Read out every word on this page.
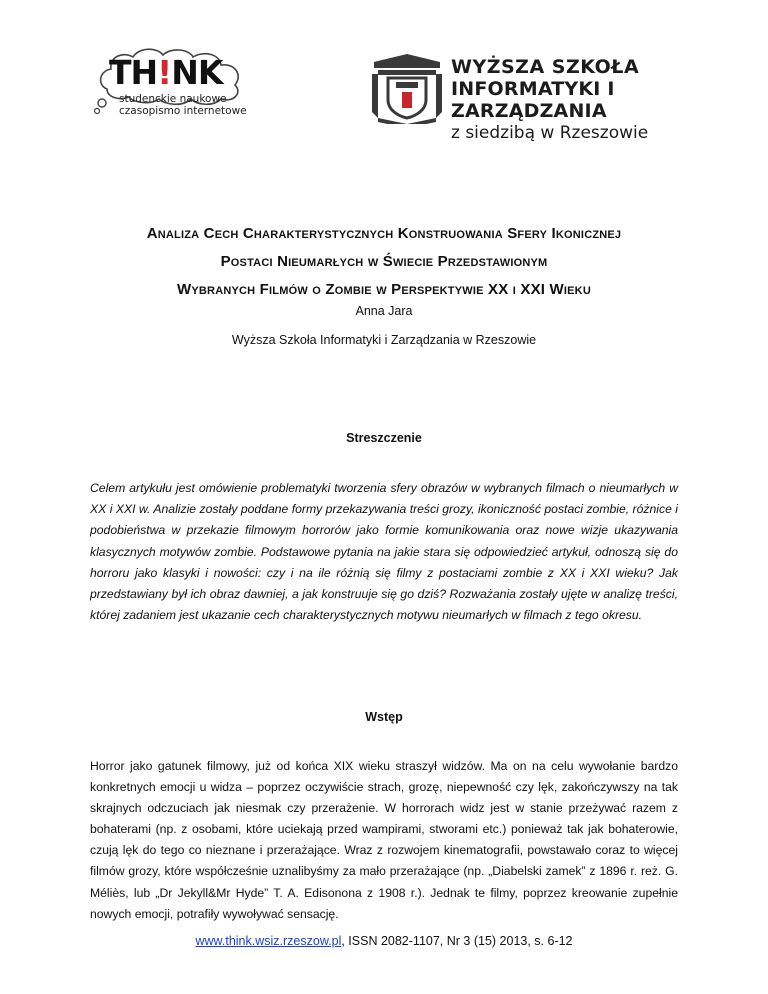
TH!NK
studenckie naukowe
czasopismo internetowe
WYŻSZA SZKOŁA
INFORMATYKI I ZARZĄDZANIA
z siedzibą w Rzeszowie
Analiza Cech Charakterystycznych Konstruowania Sfery Ikonicznej
Postaci Nieumarłych w Świecie Przedstawionym
Wybranych Filmów o Zombie w Perspektywie XX i XXI Wieku
Anna Jara
Wyższa Szkoła Informatyki i Zarządzania w Rzeszowie
Streszczenie
Celem artykułu jest omówienie problematyki tworzenia sfery obrazów w wybranych filmach o nieumarłych w XX i XXI w. Analizie zostały poddane formy przekazywania treści grozy, ikoniczność postaci zombie, różnice i podobieństwa w przekazie filmowym horrorów jako formie komunikowania oraz nowe wizje ukazywania klasycznych motywów zombie. Podstawowe pytania na jakie stara się odpowiedzieć artykuł, odnoszą się do horroru jako klasyki i nowości: czy i na ile różnią się filmy z postaciami zombie z XX i XXI wieku? Jak przedstawiany był ich obraz dawniej, a jak konstruuje się go dziś? Rozważania zostały ujęte w analizę treści, której zadaniem jest ukazanie cech charakterystycznych motywu nieumarłych w filmach z tego okresu.
Wstęp
Horror jako gatunek filmowy, już od końca XIX wieku straszył widzów. Ma on na celu wywołanie bardzo konkretnych emocji u widza – poprzez oczywiście strach, grozę, niepewność czy lęk, zakończywszy na tak skrajnych odczuciach jak niesmak czy przerażenie. W horrorach widz jest w stanie przeżywać razem z bohaterami (np. z osobami, które uciekają przed wampirami, stworami etc.) ponieważ tak jak bohaterowie, czują lęk do tego co nieznane i przerażające. Wraz z rozwojem kinematografii, powstawało coraz to więcej filmów grozy, które współcześnie uznalibyśmy za mało przerażające (np. „Diabelski zamek” z 1896 r. reż. G. Méliès, lub „Dr Jekyll&Mr Hyde” T. A. Edisonona z 1908 r.). Jednak te filmy, poprzez kreowanie zupełnie nowych emocji, potrafiły wywoływać sensację.
www.think.wsiz.rzeszow.pl, ISSN 2082-1107, Nr 3 (15) 2013, s. 6-12
